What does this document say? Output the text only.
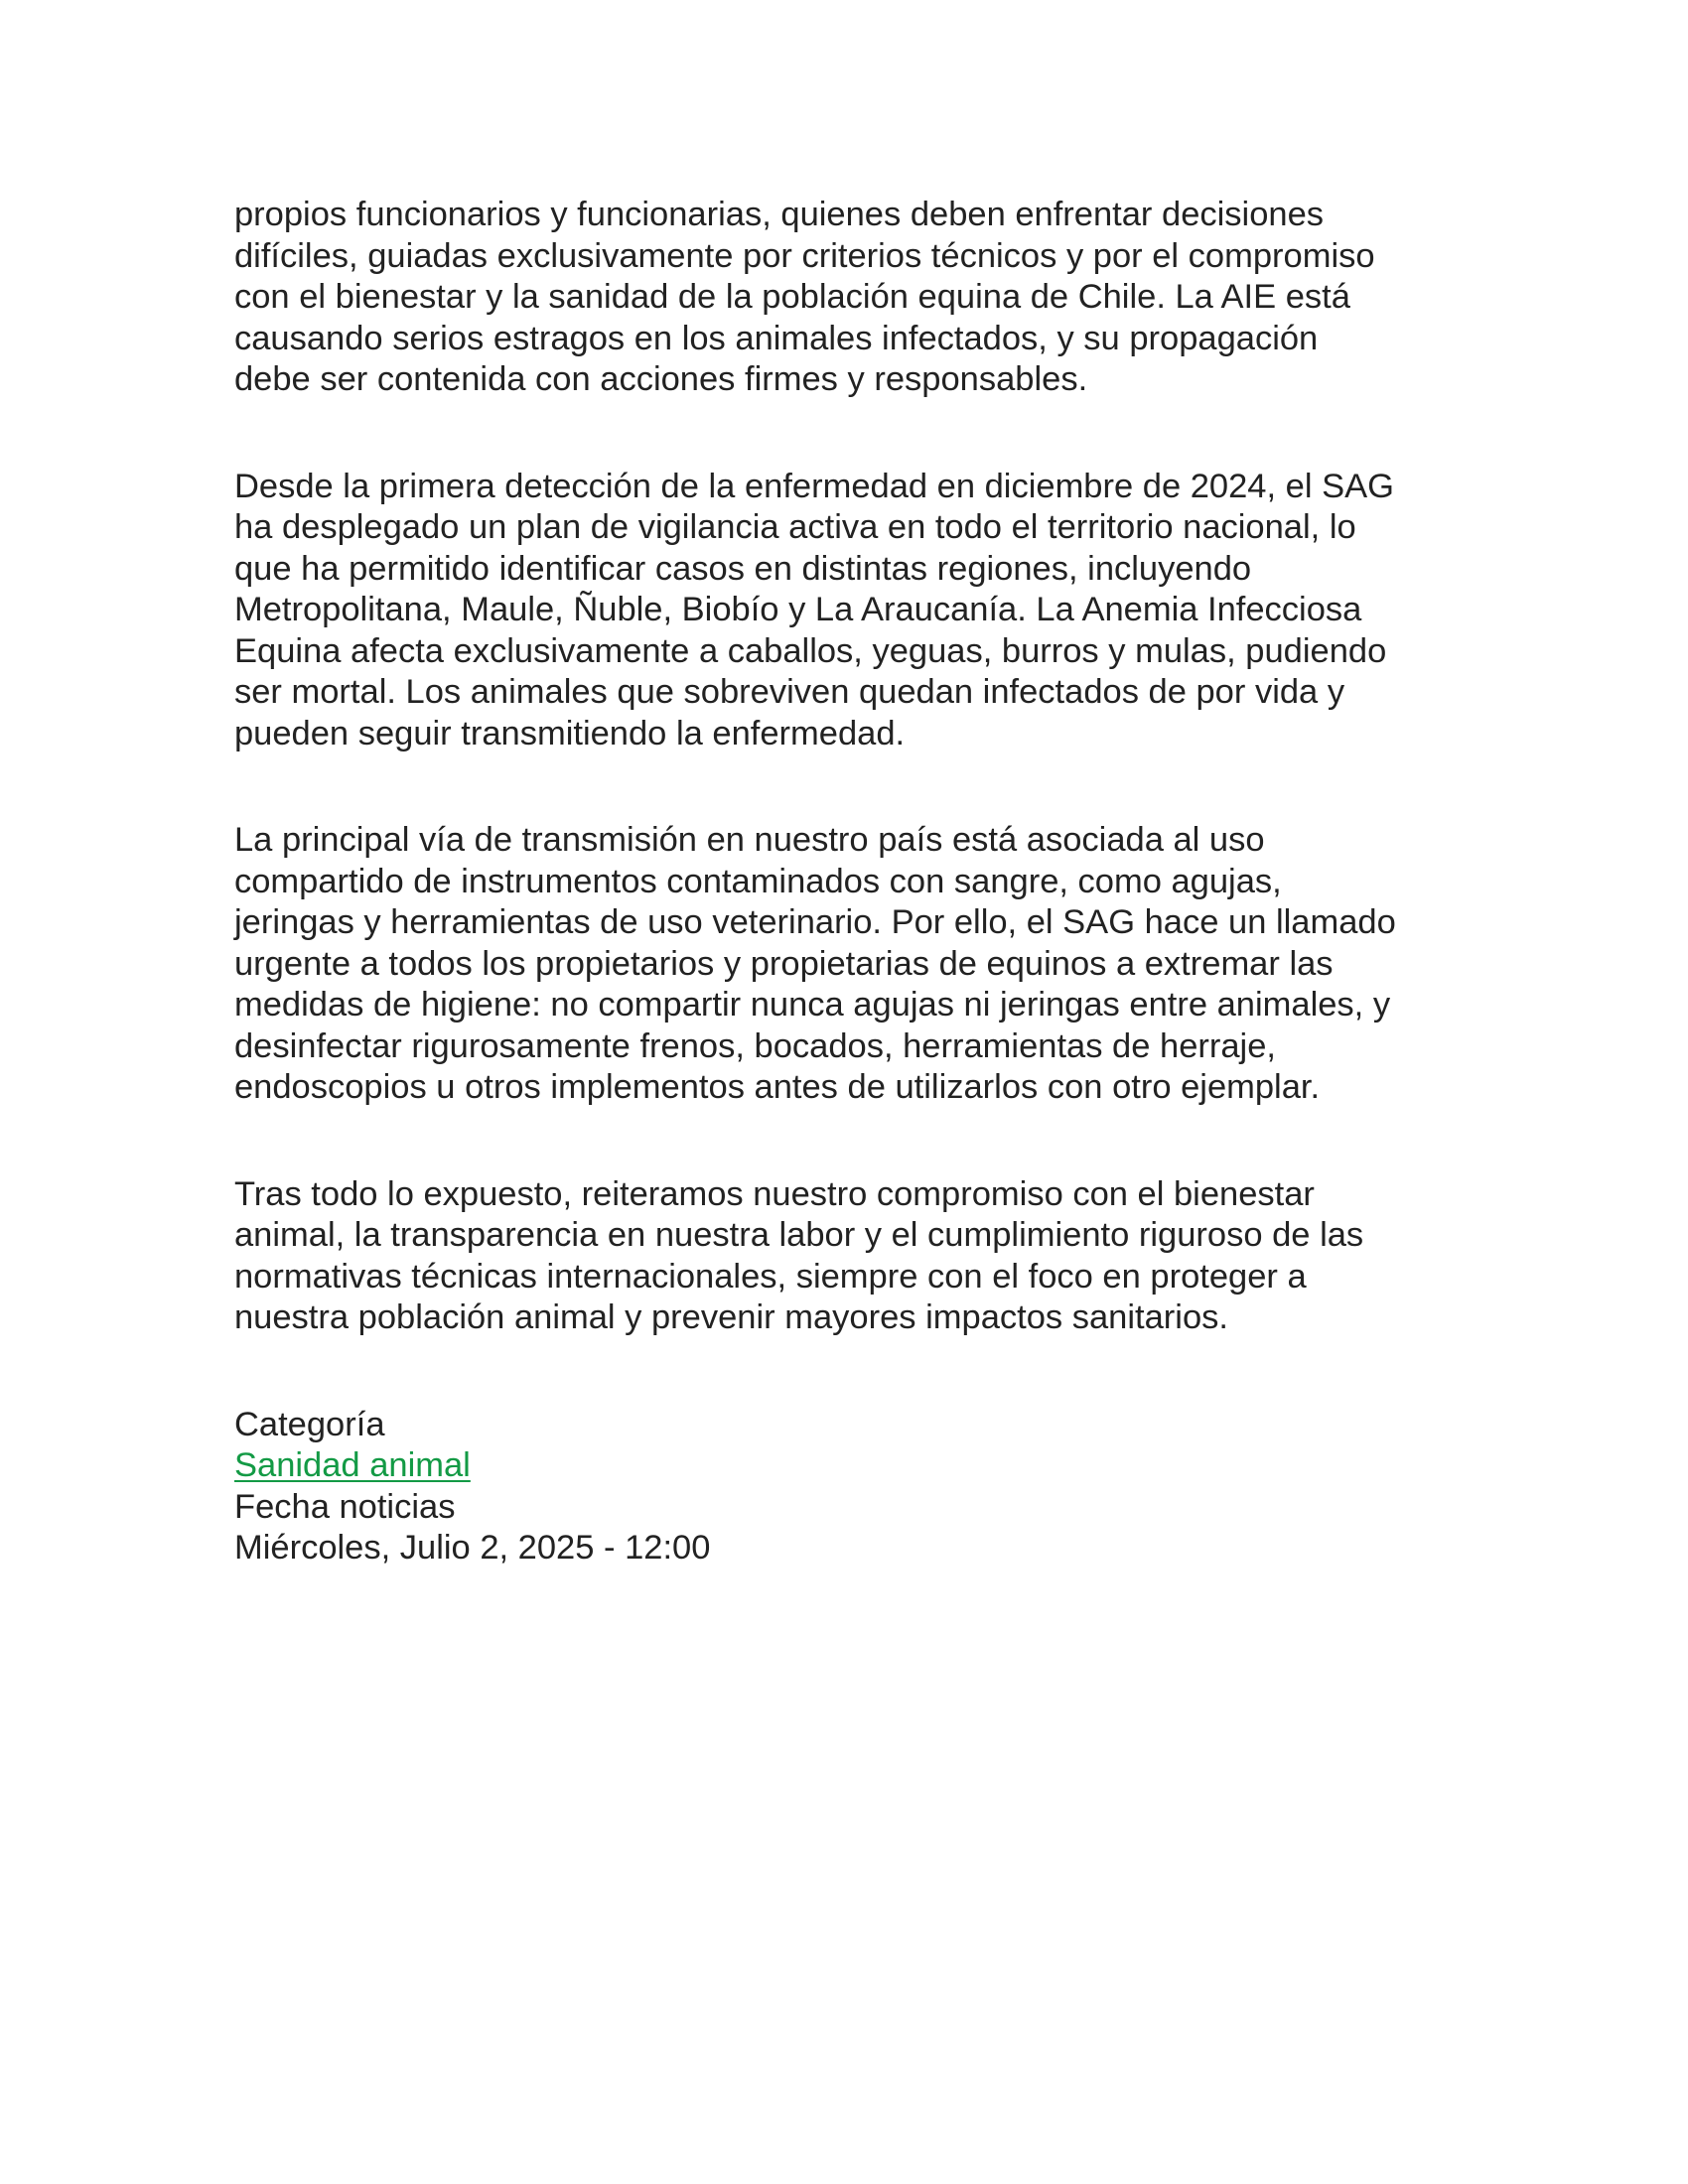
propios funcionarios y funcionarias, quienes deben enfrentar decisiones
difíciles, guiadas exclusivamente por criterios técnicos y por el compromiso
con el bienestar y la sanidad de la población equina de Chile. La AIE está
causando serios estragos en los animales infectados, y su propagación
debe ser contenida con acciones firmes y responsables.

Desde la primera detección de la enfermedad en diciembre de 2024, el SAG
ha desplegado un plan de vigilancia activa en todo el territorio nacional, lo
que ha permitido identificar casos en distintas regiones, incluyendo
Metropolitana, Maule, Ñuble, Biobío y La Araucanía. La Anemia Infecciosa
Equina afecta exclusivamente a caballos, yeguas, burros y mulas, pudiendo
ser mortal. Los animales que sobreviven quedan infectados de por vida y
pueden seguir transmitiendo la enfermedad.

La principal vía de transmisión en nuestro país está asociada al uso
compartido de instrumentos contaminados con sangre, como agujas,
jeringas y herramientas de uso veterinario. Por ello, el SAG hace un llamado
urgente a todos los propietarios y propietarias de equinos a extremar las
medidas de higiene: no compartir nunca agujas ni jeringas entre animales, y
desinfectar rigurosamente frenos, bocados, herramientas de herraje,
endoscopios u otros implementos antes de utilizarlos con otro ejemplar.

Tras todo lo expuesto, reiteramos nuestro compromiso con el bienestar
animal, la transparencia en nuestra labor y el cumplimiento riguroso de las
normativas técnicas internacionales, siempre con el foco en proteger a
nuestra población animal y prevenir mayores impactos sanitarios.

Categoría
Sanidad animal
Fecha noticias
Miércoles, Julio 2, 2025 - 12:00
